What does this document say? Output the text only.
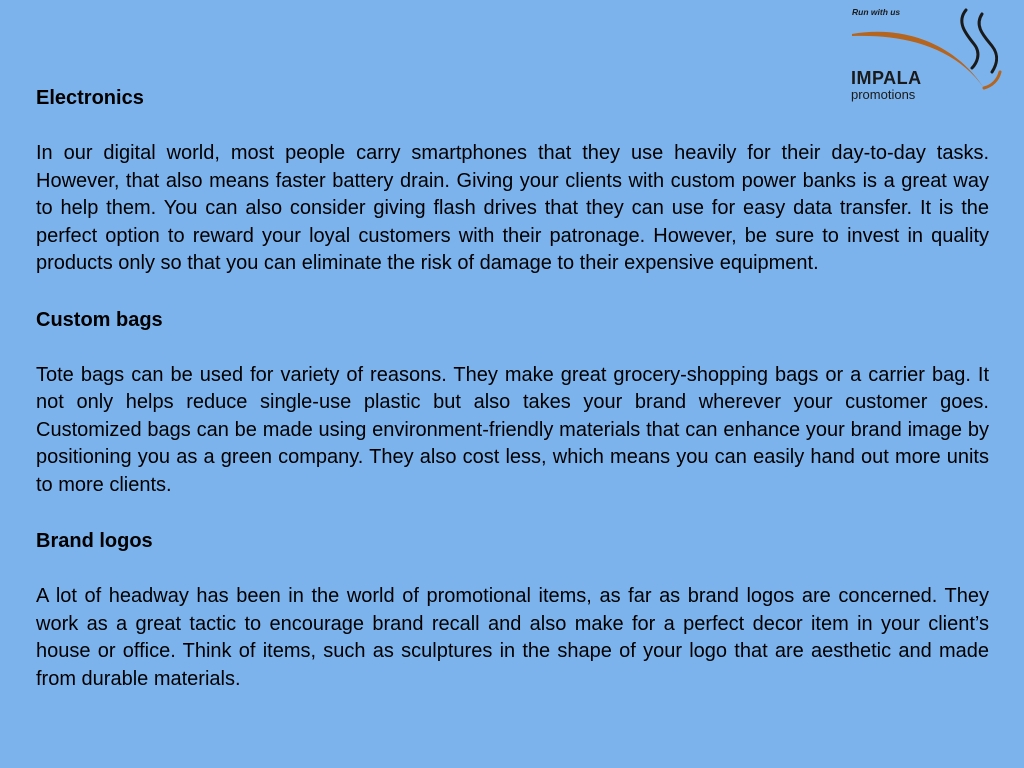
Run with us
IMPALA
promotions

Electronics

In our digital world, most people carry smartphones that they use heavily for their day-to-day tasks. However, that also means faster battery drain. Giving your clients with custom power banks is a great way to help them. You can also consider giving flash drives that they can use for easy data transfer. It is the perfect option to reward your loyal customers with their patronage. However, be sure to invest in quality products only so that you can eliminate the risk of damage to their expensive equipment.

Custom bags

Tote bags can be used for variety of reasons. They make great grocery-shopping bags or a carrier bag. It not only helps reduce single-use plastic but also takes your brand wherever your customer goes. Customized bags can be made using environment-friendly materials that can enhance your brand image by positioning you as a green company. They also cost less, which means you can easily hand out more units to more clients.

Brand logos

A lot of headway has been in the world of promotional items, as far as brand logos are concerned. They work as a great tactic to encourage brand recall and also make for a perfect decor item in your client’s house or office. Think of items, such as sculptures in the shape of your logo that are aesthetic and made from durable materials.
